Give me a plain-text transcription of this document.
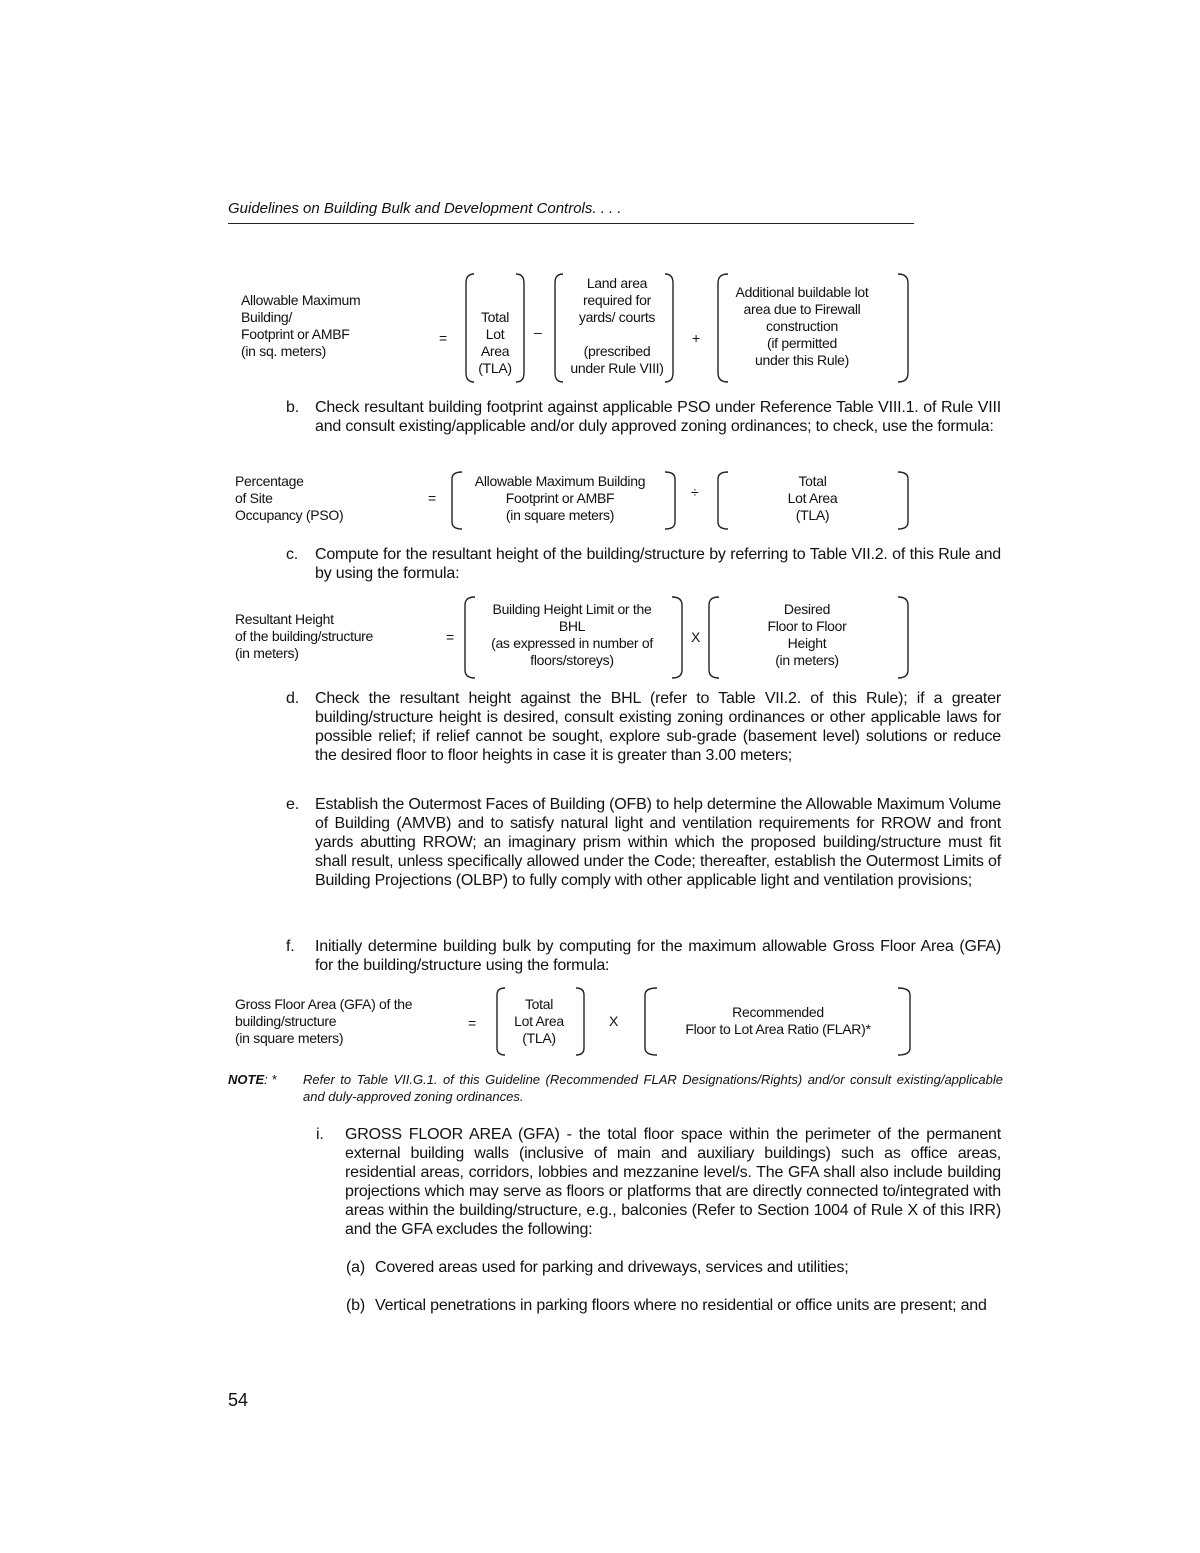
Guidelines on Building Bulk and Development Controls. . . .
Allowable Maximum
Building/
Footprint or AMBF
(in sq. meters)
=
Total
Lot
Area
(TLA)
–
Land area
required for
yards/ courts
(prescribed
under Rule VIII)
+
Additional buildable lot
area due to Firewall
construction
(if permitted
under this Rule)
b. Check resultant building footprint against applicable PSO under Reference Table VIII.1. of Rule VIII and consult existing/applicable and/or duly approved zoning ordinances; to check, use the formula:
Percentage
of Site
Occupancy (PSO)
=
Allowable Maximum Building
Footprint or AMBF
(in square meters)
÷
Total
Lot Area
(TLA)
c. Compute for the resultant height of the building/structure by referring to Table VII.2. of this Rule and by using the formula:
Resultant Height
of the building/structure
(in meters)
=
Building Height Limit or the
BHL
(as expressed in number of
floors/storeys)
X
Desired
Floor to Floor
Height
(in meters)
d. Check the resultant height against the BHL (refer to Table VII.2. of this Rule); if a greater building/structure height is desired, consult existing zoning ordinances or other applicable laws for possible relief; if relief cannot be sought, explore sub-grade (basement level) solutions or reduce the desired floor to floor heights in case it is greater than 3.00 meters;
e. Establish the Outermost Faces of Building (OFB) to help determine the Allowable Maximum Volume of Building (AMVB) and to satisfy natural light and ventilation requirements for RROW and front yards abutting RROW; an imaginary prism within which the proposed building/structure must fit shall result, unless specifically allowed under the Code; thereafter, establish the Outermost Limits of Building Projections (OLBP) to fully comply with other applicable light and ventilation provisions;
f. Initially determine building bulk by computing for the maximum allowable Gross Floor Area (GFA) for the building/structure using the formula:
Gross Floor Area (GFA) of the
building/structure
(in square meters)
=
Total
Lot Area
(TLA)
X
Recommended
Floor to Lot Area Ratio (FLAR)*
NOTE: *	Refer to Table VII.G.1. of this Guideline (Recommended FLAR Designations/Rights) and/or consult existing/applicable and duly-approved zoning ordinances.
i. GROSS FLOOR AREA (GFA) - the total floor space within the perimeter of the permanent external building walls (inclusive of main and auxiliary buildings) such as office areas, residential areas, corridors, lobbies and mezzanine level/s. The GFA shall also include building projections which may serve as floors or platforms that are directly connected to/integrated with areas within the building/structure, e.g., balconies (Refer to Section 1004 of Rule X of this IRR) and the GFA excludes the following:
(a) Covered areas used for parking and driveways, services and utilities;
(b) Vertical penetrations in parking floors where no residential or office units are present; and
54
